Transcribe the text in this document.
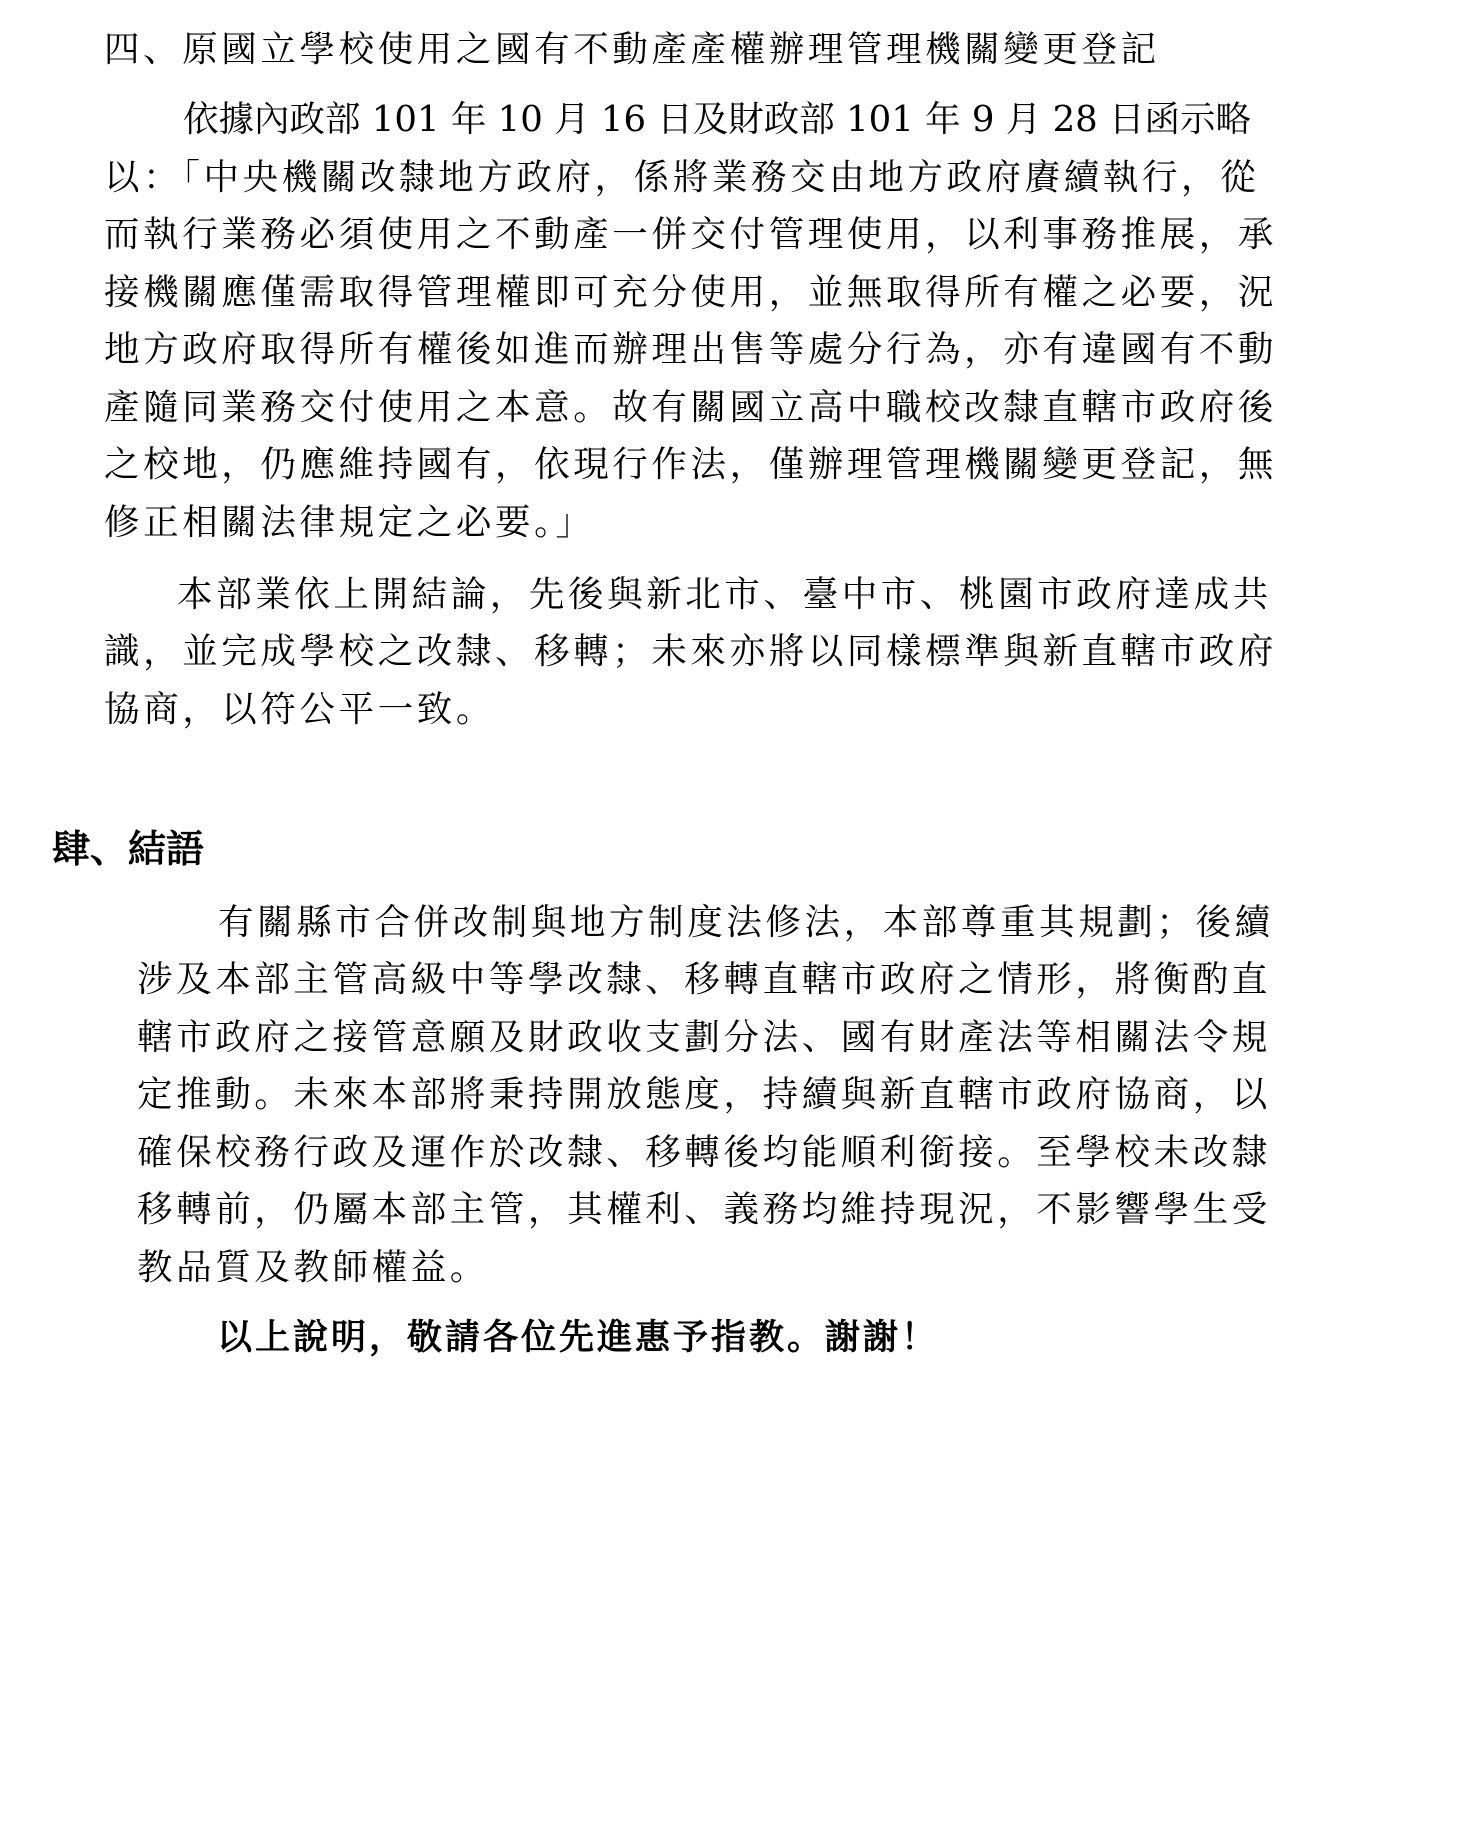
四、原國立學校使用之國有不動產產權辦理管理機關變更登記
依據內政部 101 年 10 月 16 日及財政部 101 年 9 月 28 日函示略
以：「中央機關改隸地方政府，係將業務交由地方政府賡續執行，從
而執行業務必須使用之不動產一併交付管理使用，以利事務推展，承
接機關應僅需取得管理權即可充分使用，並無取得所有權之必要，況
地方政府取得所有權後如進而辦理出售等處分行為，亦有違國有不動
產隨同業務交付使用之本意。故有關國立高中職校改隸直轄市政府後
之校地，仍應維持國有，依現行作法，僅辦理管理機關變更登記，無
修正相關法律規定之必要。」
本部業依上開結論，先後與新北市、臺中市、桃園市政府達成共
識，並完成學校之改隸、移轉；未來亦將以同樣標準與新直轄市政府
協商，以符公平一致。
肆、結語
有關縣市合併改制與地方制度法修法，本部尊重其規劃；後續
涉及本部主管高級中等學改隸、移轉直轄市政府之情形，將衡酌直
轄市政府之接管意願及財政收支劃分法、國有財產法等相關法令規
定推動。未來本部將秉持開放態度，持續與新直轄市政府協商，以
確保校務行政及運作於改隸、移轉後均能順利銜接。至學校未改隸
移轉前，仍屬本部主管，其權利、義務均維持現況，不影響學生受
教品質及教師權益。
以上說明，敬請各位先進惠予指教。謝謝！
